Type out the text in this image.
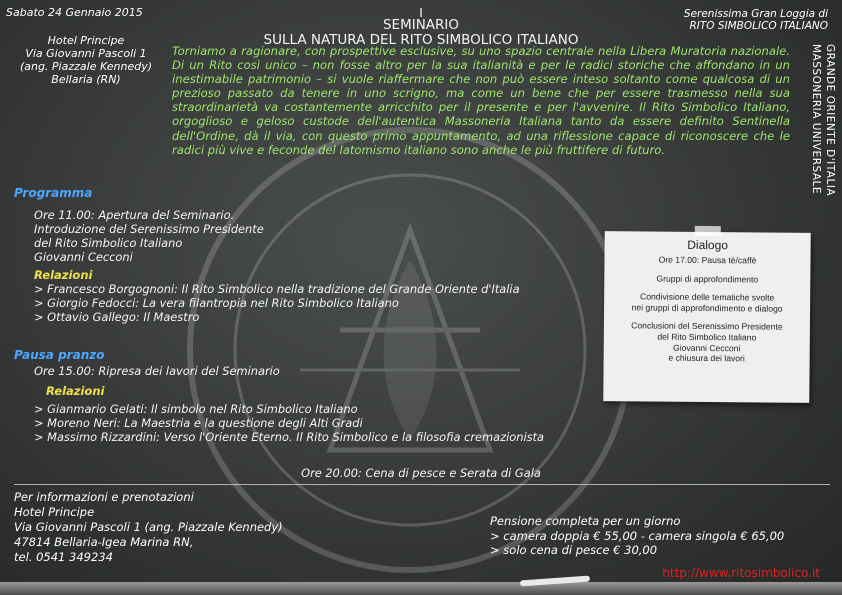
Sabato 24 Gennaio 2015
Hotel Principe
Via Giovanni Pascoli 1
(ang. Piazzale Kennedy)
Bellaria (RN)
Serenissima Gran Loggia di
RITO SIMBOLICO ITALIANO
MASSONERIA UNIVERSALE GRANDE ORIENTE D'ITALIA
I
SEMINARIO
SULLA NATURA DEL RITO SIMBOLICO ITALIANO
Torniamo a ragionare, con prospettive esclusive, su uno spazio centrale nella Libera Muratoria nazionale. Di un Rito così unico – non fosse altro per la sua italianità e per le radici storiche che affondano in un inestimabile patrimonio – si vuole riaffermare che non può essere inteso soltanto come qualcosa di un prezioso passato da tenere in uno scrigno, ma come un bene che per essere trasmesso nella sua straordinarietà va costantemente arricchito per il presente e per l'avvenire. Il Rito Simbolico Italiano, orgoglioso e geloso custode dell'autentica Massoneria Italiana tanto da essere definito Sentinella dell'Ordine, dà il via, con questo primo appuntamento, ad una riflessione capace di riconoscere che le radici più vive e feconde del latomismo italiano sono anche le più fruttifere di futuro.
Programma
Ore 11.00: Apertura del Seminario.
Introduzione del Serenissimo Presidente
del Rito Simbolico Italiano
Giovanni Cecconi
Relazioni
> Francesco Borgognoni: Il Rito Simbolico nella tradizione del Grande Oriente d'Italia
> Giorgio Fedocci: La vera filantropia nel Rito Simbolico Italiano
> Ottavio Gallego: Il Maestro
Pausa pranzo
Ore 15.00: Ripresa dei lavori del Seminario
Relazioni
> Gianmario Gelati: Il simbolo nel Rito Simbolico Italiano
> Moreno Neri: La Maestria e la questione degli Alti Gradi
> Massimo Rizzardini: Verso l'Oriente Eterno. Il Rito Simbolico e la filosofia cremazionista
Ore 20.00: Cena di pesce e Serata di Gala
Per informazioni e prenotazioni
Hotel Principe
Via Giovanni Pascoli 1 (ang. Piazzale Kennedy)
47814 Bellaria-Igea Marina RN,
tel. 0541 349234
Pensione completa per un giorno
> camera doppia € 55,00 - camera singola € 65,00
> solo cena di pesce € 30,00
Dialogo
Ore 17.00: Pausa tè/caffè
Gruppi di approfondimento
Condivisione delle tematiche svolte
nei gruppi di approfondimento e dialogo
Conclusioni del Serenissimo Presidente
del Rito Simbolico Italiano
Giovanni Cecconi
e chiusura dei lavori
http://www.ritosimbolico.it
